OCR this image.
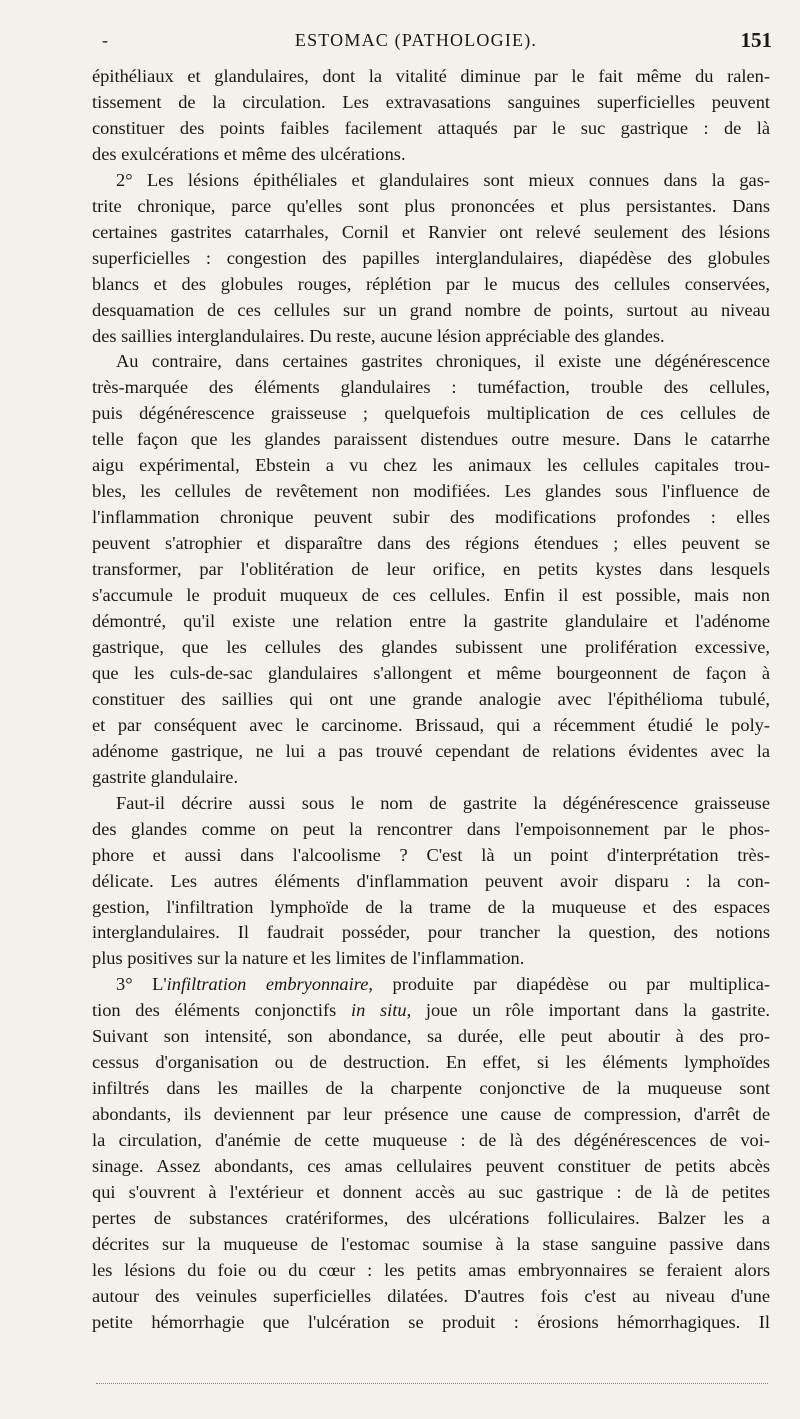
-	ESTOMAC (PATHOLOGIE).	151
épithéliaux et glandulaires, dont la vitalité diminue par le fait même du ralen-
tissement de la circulation. Les extravasations sanguines superficielles peuvent
constituer des points faibles facilement attaqués par le suc gastrique : de là
des exulcérations et même des ulcérations.
2° Les lésions épithéliales et glandulaires sont mieux connues dans la gas-
trite chronique, parce qu'elles sont plus prononcées et plus persistantes. Dans
certaines gastrites catarrhales, Cornil et Ranvier ont relevé seulement des lésions
superficielles : congestion des papilles interglandulaires, diapédèse des globules
blancs et des globules rouges, réplétion par le mucus des cellules conservées,
desquamation de ces cellules sur un grand nombre de points, surtout au niveau
des saillies interglandulaires. Du reste, aucune lésion appréciable des glandes.
Au contraire, dans certaines gastrites chroniques, il existe une dégénérescence
très-marquée des éléments glandulaires : tuméfaction, trouble des cellules,
puis dégénérescence graisseuse ; quelquefois multiplication de ces cellules de
telle façon que les glandes paraissent distendues outre mesure. Dans le catarrhe
aigu expérimental, Ebstein a vu chez les animaux les cellules capitales trou-
bles, les cellules de revêtement non modifiées. Les glandes sous l'influence de
l'inflammation chronique peuvent subir des modifications profondes : elles
peuvent s'atrophier et disparaître dans des régions étendues ; elles peuvent se
transformer, par l'oblitération de leur orifice, en petits kystes dans lesquels
s'accumule le produit muqueux de ces cellules. Enfin il est possible, mais non
démontré, qu'il existe une relation entre la gastrite glandulaire et l'adénome
gastrique, que les cellules des glandes subissent une prolifération excessive,
que les culs-de-sac glandulaires s'allongent et même bourgeonnent de façon à
constituer des saillies qui ont une grande analogie avec l'épithélioma tubulé,
et par conséquent avec le carcinome. Brissaud, qui a récemment étudié le poly-
adénome gastrique, ne lui a pas trouvé cependant de relations évidentes avec la
gastrite glandulaire.
Faut-il décrire aussi sous le nom de gastrite la dégénérescence graisseuse
des glandes comme on peut la rencontrer dans l'empoisonnement par le phos-
phore et aussi dans l'alcoolisme ? C'est là un point d'interprétation très-
délicate. Les autres éléments d'inflammation peuvent avoir disparu : la con-
gestion, l'infiltration lymphoïde de la trame de la muqueuse et des espaces
interglandulaires. Il faudrait posséder, pour trancher la question, des notions
plus positives sur la nature et les limites de l'inflammation.
3° L'infiltration embryonnaire, produite par diapédèse ou par multiplica-
tion des éléments conjonctifs in situ, joue un rôle important dans la gastrite.
Suivant son intensité, son abondance, sa durée, elle peut aboutir à des pro-
cessus d'organisation ou de destruction. En effet, si les éléments lymphoïdes
infiltrés dans les mailles de la charpente conjonctive de la muqueuse sont
abondants, ils deviennent par leur présence une cause de compression, d'arrêt de
la circulation, d'anémie de cette muqueuse : de là des dégénérescences de voi-
sinage. Assez abondants, ces amas cellulaires peuvent constituer de petits abcès
qui s'ouvrent à l'extérieur et donnent accès au suc gastrique : de là de petites
pertes de substances cratériformes, des ulcérations folliculaires. Balzer les a
décrites sur la muqueuse de l'estomac soumise à la stase sanguine passive dans
les lésions du foie ou du cœur : les petits amas embryonnaires se feraient alors
autour des veinules superficielles dilatées. D'autres fois c'est au niveau d'une
petite hémorrhagie que l'ulcération se produit : érosions hémorrhagiques. Il
